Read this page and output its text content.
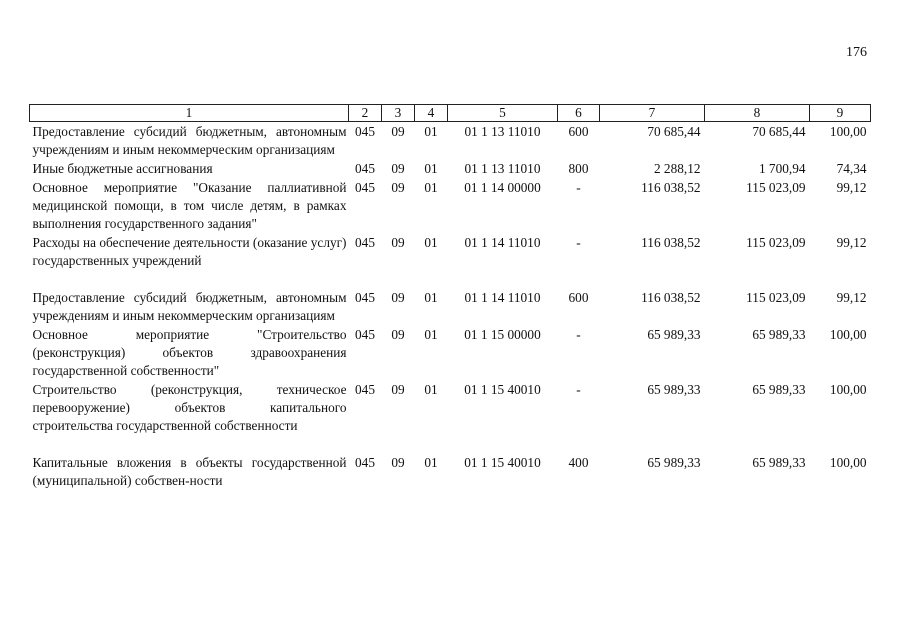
176
1	2	3	4	5	6	7	8	9
Предоставление субсидий бюджетным, автономным учреждениям и иным некоммерческим организациям	045	09	01	01 1 13 11010	600	70 685,44	70 685,44	100,00
Иные бюджетные ассигнования	045	09	01	01 1 13 11010	800	2 288,12	1 700,94	74,34
Основное мероприятие "Оказание паллиативной медицинской помощи, в том числе детям, в рамках выполнения государственного задания"	045	09	01	01 1 14 00000	-	116 038,52	115 023,09	99,12
Расходы на обеспечение деятельности (оказание услуг) государственных учреждений	045	09	01	01 1 14 11010	-	116 038,52	115 023,09	99,12

Предоставление субсидий бюджетным, автономным учреждениям и иным некоммерческим организациям	045	09	01	01 1 14 11010	600	116 038,52	115 023,09	99,12
Основное мероприятие "Строительство (реконструкция) объектов здравоохранения государственной собственности"	045	09	01	01 1 15 00000	-	65 989,33	65 989,33	100,00
Строительство (реконструкция, техническое перевооружение) объектов капитального строительства государственной собственности	045	09	01	01 1 15 40010	-	65 989,33	65 989,33	100,00

Капитальные вложения в объекты государственной (муниципальной) собствен-ности	045	09	01	01 1 15 40010	400	65 989,33	65 989,33	100,00
